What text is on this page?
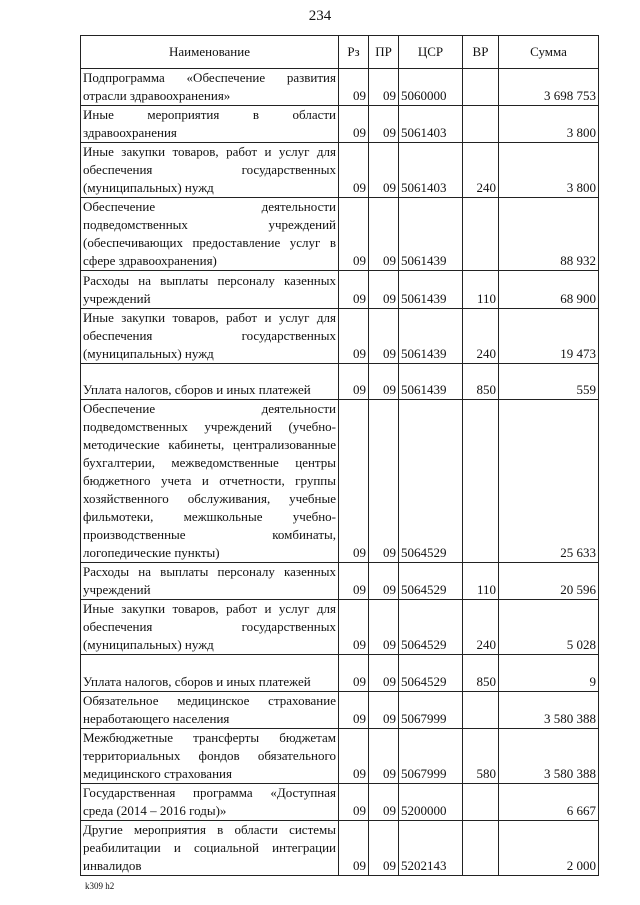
234
Наименование	Рз	ПР	ЦСР	ВР	Сумма
Подпрограмма «Обеспечение развития отрасли здравоохранения»	09	09	5060000		3 698 753
Иные мероприятия в области здравоохранения	09	09	5061403		3 800
Иные закупки товаров, работ и услуг для обеспечения государственных (муниципальных) нужд	09	09	5061403	240	3 800
Обеспечение деятельности подведомственных учреждений (обеспечивающих предоставление услуг в сфере здравоохранения)	09	09	5061439		88 932
Расходы на выплаты персоналу казенных учреждений	09	09	5061439	110	68 900
Иные закупки товаров, работ и услуг для обеспечения государственных (муниципальных) нужд	09	09	5061439	240	19 473
Уплата налогов, сборов и иных платежей	09	09	5061439	850	559
Обеспечение деятельности подведомственных учреждений (учебно-методические кабинеты, централизованные бухгалтерии, межведомственные центры бюджетного учета и отчетности, группы хозяйственного обслуживания, учебные фильмотеки, межшкольные учебно-производственные комбинаты, логопедические пункты)	09	09	5064529		25 633
Расходы на выплаты персоналу казенных учреждений	09	09	5064529	110	20 596
Иные закупки товаров, работ и услуг для обеспечения государственных (муниципальных) нужд	09	09	5064529	240	5 028
Уплата налогов, сборов и иных платежей	09	09	5064529	850	9
Обязательное медицинское страхование неработающего населения	09	09	5067999		3 580 388
Межбюджетные трансферты бюджетам территориальных фондов обязательного медицинского страхования	09	09	5067999	580	3 580 388
Государственная программа «Доступная среда (2014 – 2016 годы)»	09	09	5200000		6 667
Другие мероприятия в области системы реабилитации и социальной интеграции инвалидов	09	09	5202143		2 000
k309 h2
